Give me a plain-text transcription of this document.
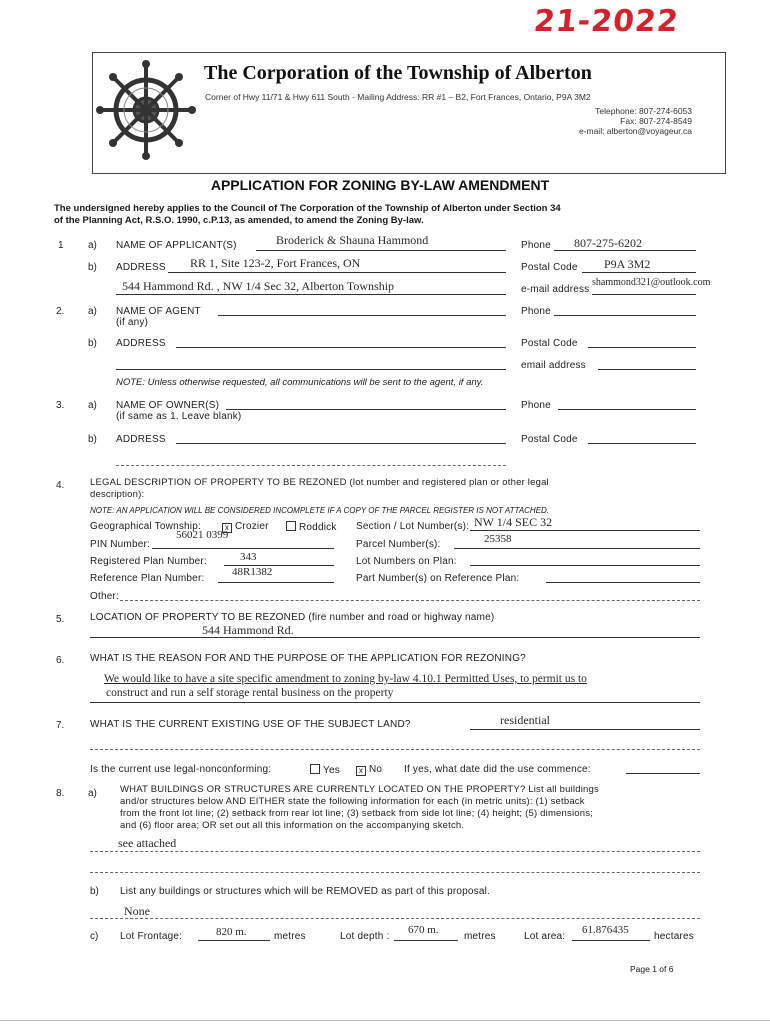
21-2022
The Corporation of the Township of Alberton
Corner of Hwy 11/71 & Hwy 611 South - Mailing Address: RR #1 – B2, Fort Frances, Ontario, P9A 3M2
Telephone: 807-274-6053
Fax: 807-274-8549
e-mail: alberton@voyageur.ca
APPLICATION FOR ZONING BY-LAW AMENDMENT
The undersigned hereby applies to the Council of The Corporation of the Township of Alberton under Section 34
of the Planning Act, R.S.O. 1990, c.P.13, as amended, to amend the Zoning By-law.
1 a) NAME OF APPLICANT(S)	Broderick & Shauna Hammond	Phone 807-275-6202
b) ADDRESS RR 1, Site 123-2, Fort Frances, ON	Postal Code P9A 3M2
544 Hammond Rd. , NW 1/4 Sec 32, Alberton Township	e-mail address
shammond321@outlook.com
2. a) NAME OF AGENT
(if any)
Phone
b) ADDRESS	Postal Code
email address
NOTE: Unless otherwise requested, all communications will be sent to the agent, if any.
3. a) NAME OF OWNER(S)
(if same as 1. Leave blank)
Phone
b) ADDRESS	Postal Code
4.	LEGAL DESCRIPTION OF PROPERTY TO BE REZONED (lot number and registered plan or other legal
description):
NOTE: AN APPLICATION WILL BE CONSIDERED INCOMPLETE IF A COPY OF THE PARCEL REGISTER IS NOT ATTACHED.
Geographical Township:	x Crozier	Roddick Section / Lot Number(s): NW 1/4 SEC 32
PIN Number:
56021 0399
Parcel Number(s):	25358
Registered Plan Number:	343	Lot Numbers on Plan:
Reference Plan Number:
48R1382
Part Number(s) on Reference Plan:
Other:
5.	LOCATION OF PROPERTY TO BE REZONED (fire number and road or highway name)
544 Hammond Rd.
6.	WHAT IS THE REASON FOR AND THE PURPOSE OF THE APPLICATION FOR REZONING?
We would like to have a site specific amendment to zoning by-law 4.10.1 Permitted Uses, to permit us to
construct and run a self storage rental business on the property
7.	WHAT IS THE CURRENT EXISTING USE OF THE SUBJECT LAND?	residential
Is the current use legal-nonconforming:	Yes	x No If yes, what date did the use commence:
8. a) WHAT BUILDINGS OR STRUCTURES ARE CURRENTLY LOCATED ON THE PROPERTY? List all buildings
and/or structures below AND EITHER state the following information for each (in metric units): (1) setback
from the front lot line; (2) setback from rear lot line; (3) setback from side lot line; (4) height; (5) dimensions;
and (6) floor area; OR set out all this information on the accompanying sketch.
see attached
b) List any buildings or structures which will be REMOVED as part of this proposal.
None
c) Lot Frontage:	820 m.	metres	Lot depth :
670 m.
metres	Lot area:
61.876435
hectares
Page 1 of 6
